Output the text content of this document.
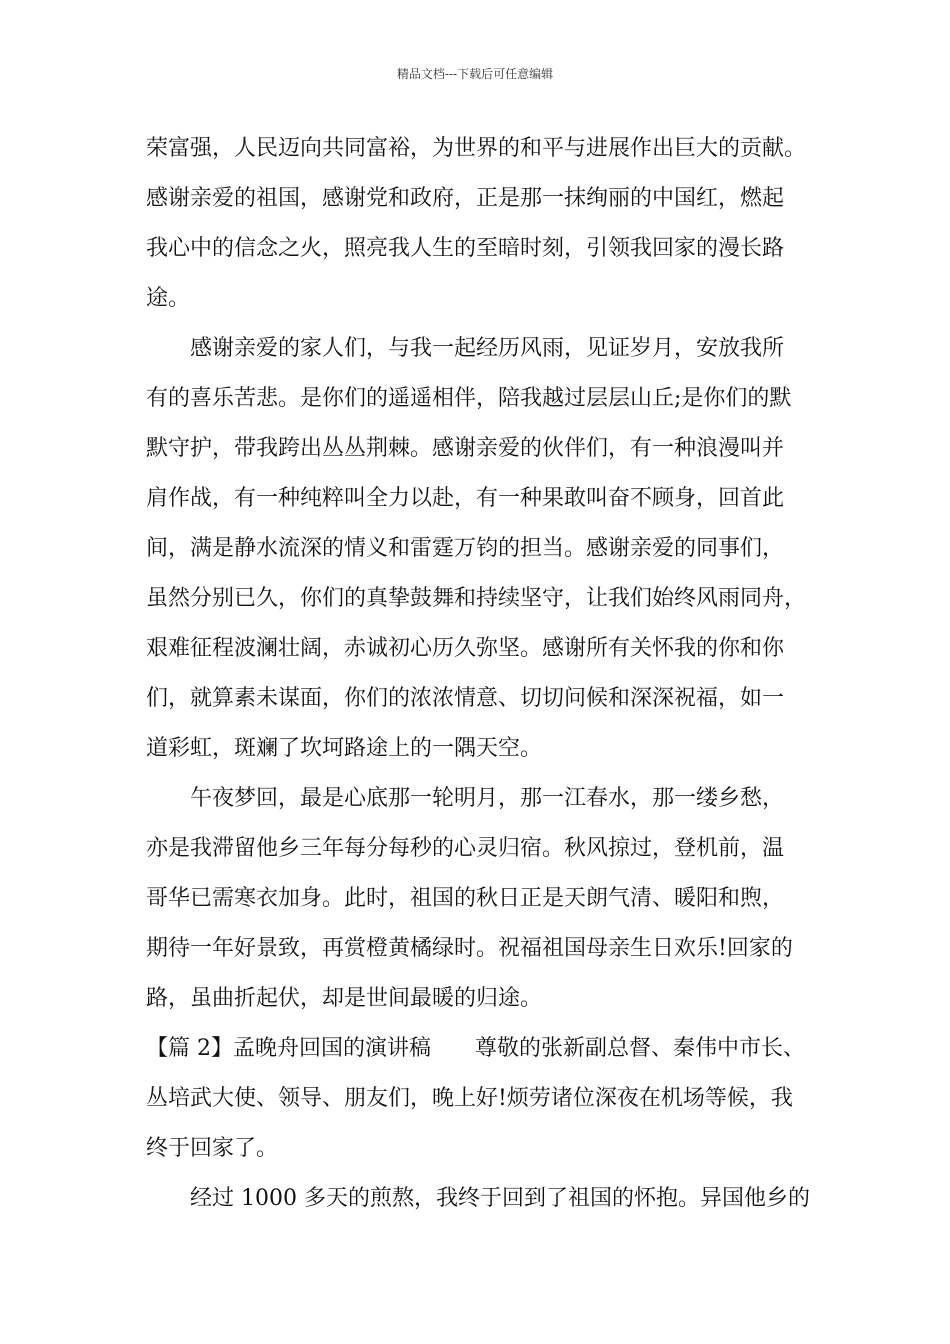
精品文档---下载后可任意编辑
荣富强，人民迈向共同富裕，为世界的和平与进展作出巨大的贡献。
感谢亲爱的祖国，感谢党和政府，正是那一抹绚丽的中国红，燃起
我心中的信念之火，照亮我人生的至暗时刻，引领我回家的漫长路
途。
感谢亲爱的家人们，与我一起经历风雨，见证岁月，安放我所
有的喜乐苦悲。是你们的遥遥相伴，陪我越过层层山丘;是你们的默
默守护，带我跨出丛丛荆棘。感谢亲爱的伙伴们，有一种浪漫叫并
肩作战，有一种纯粹叫全力以赴，有一种果敢叫奋不顾身，回首此
间，满是静水流深的情义和雷霆万钧的担当。感谢亲爱的同事们，
虽然分别已久，你们的真挚鼓舞和持续坚守，让我们始终风雨同舟，
艰难征程波澜壮阔，赤诚初心历久弥坚。感谢所有关怀我的你和你
们，就算素未谋面，你们的浓浓情意、切切问候和深深祝福，如一
道彩虹，斑斓了坎坷路途上的一隅天空。
午夜梦回，最是心底那一轮明月，那一江春水，那一缕乡愁，
亦是我滞留他乡三年每分每秒的心灵归宿。秋风掠过，登机前，温
哥华已需寒衣加身。此时，祖国的秋日正是天朗气清、暖阳和煦，
期待一年好景致，再赏橙黄橘绿时。祝福祖国母亲生日欢乐!回家的
路，虽曲折起伏，却是世间最暖的归途。
【篇 2】孟晚舟回国的演讲稿　　尊敬的张新副总督、秦伟中市长、
丛培武大使、领导、朋友们，晚上好!烦劳诸位深夜在机场等候，我
终于回家了。
经过 1000 多天的煎熬，我终于回到了祖国的怀抱。异国他乡的
